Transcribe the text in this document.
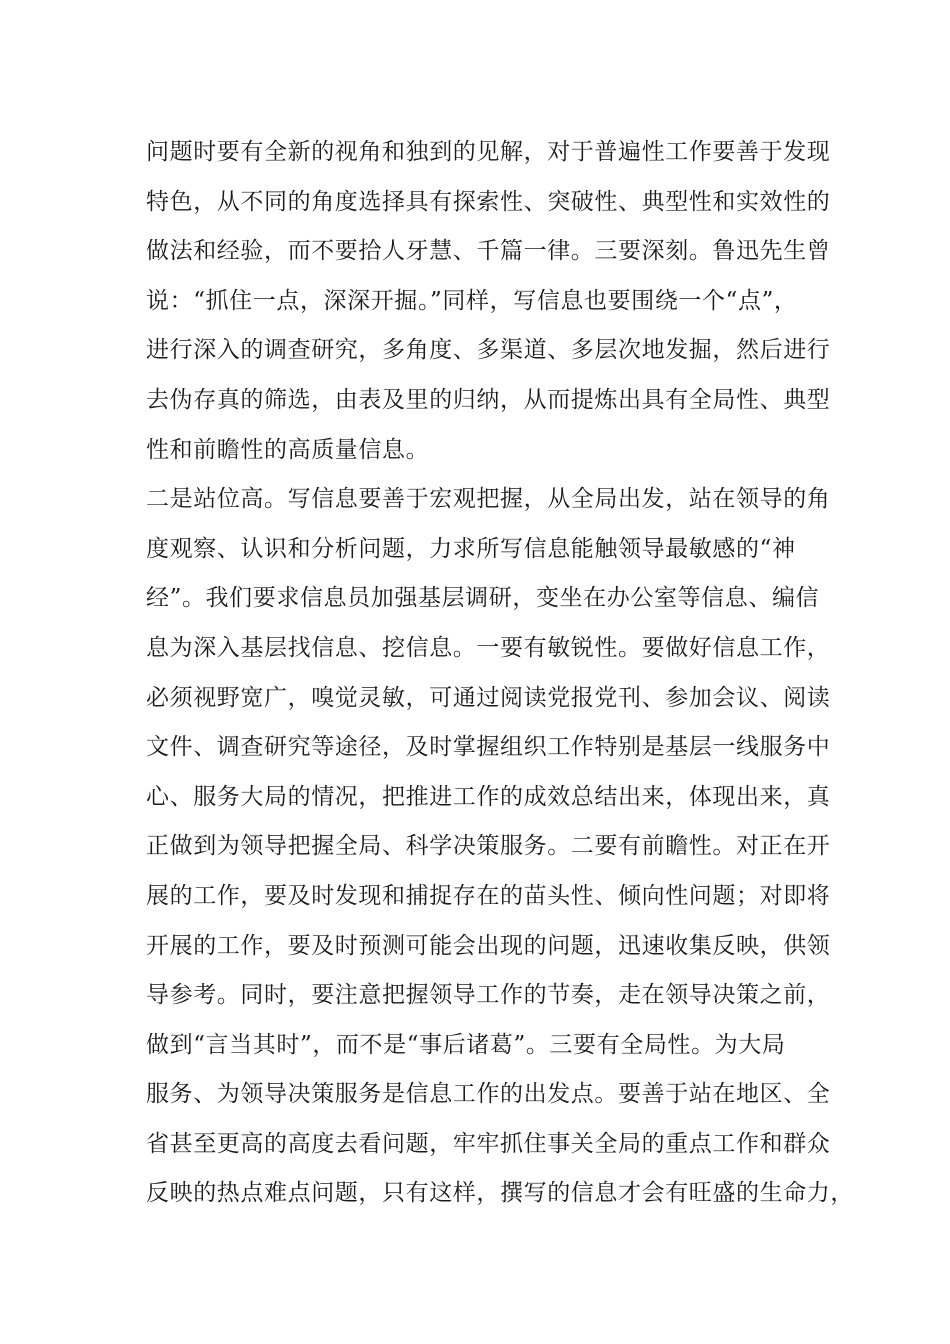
问题时要有全新的视角和独到的见解，对于普遍性工作要善于发现
特色，从不同的角度选择具有探索性、突破性、典型性和实效性的
做法和经验，而不要拾人牙慧、千篇一律。三要深刻。鲁迅先生曾
说：“抓住一点，深深开掘。”同样，写信息也要围绕一个“点”，
进行深入的调查研究，多角度、多渠道、多层次地发掘，然后进行
去伪存真的筛选，由表及里的归纳，从而提炼出具有全局性、典型
性和前瞻性的高质量信息。
二是站位高。写信息要善于宏观把握，从全局出发，站在领导的角
度观察、认识和分析问题，力求所写信息能触领导最敏感的“神
经”。我们要求信息员加强基层调研，变坐在办公室等信息、编信
息为深入基层找信息、挖信息。一要有敏锐性。要做好信息工作，
必须视野宽广，嗅觉灵敏，可通过阅读党报党刊、参加会议、阅读
文件、调查研究等途径，及时掌握组织工作特别是基层一线服务中
心、服务大局的情况，把推进工作的成效总结出来，体现出来，真
正做到为领导把握全局、科学决策服务。二要有前瞻性。对正在开
展的工作，要及时发现和捕捉存在的苗头性、倾向性问题；对即将
开展的工作，要及时预测可能会出现的问题，迅速收集反映，供领
导参考。同时，要注意把握领导工作的节奏，走在领导决策之前，
做到“言当其时”，而不是“事后诸葛”。三要有全局性。为大局
服务、为领导决策服务是信息工作的出发点。要善于站在地区、全
省甚至更高的高度去看问题，牢牢抓住事关全局的重点工作和群众
反映的热点难点问题，只有这样，撰写的信息才会有旺盛的生命力，
